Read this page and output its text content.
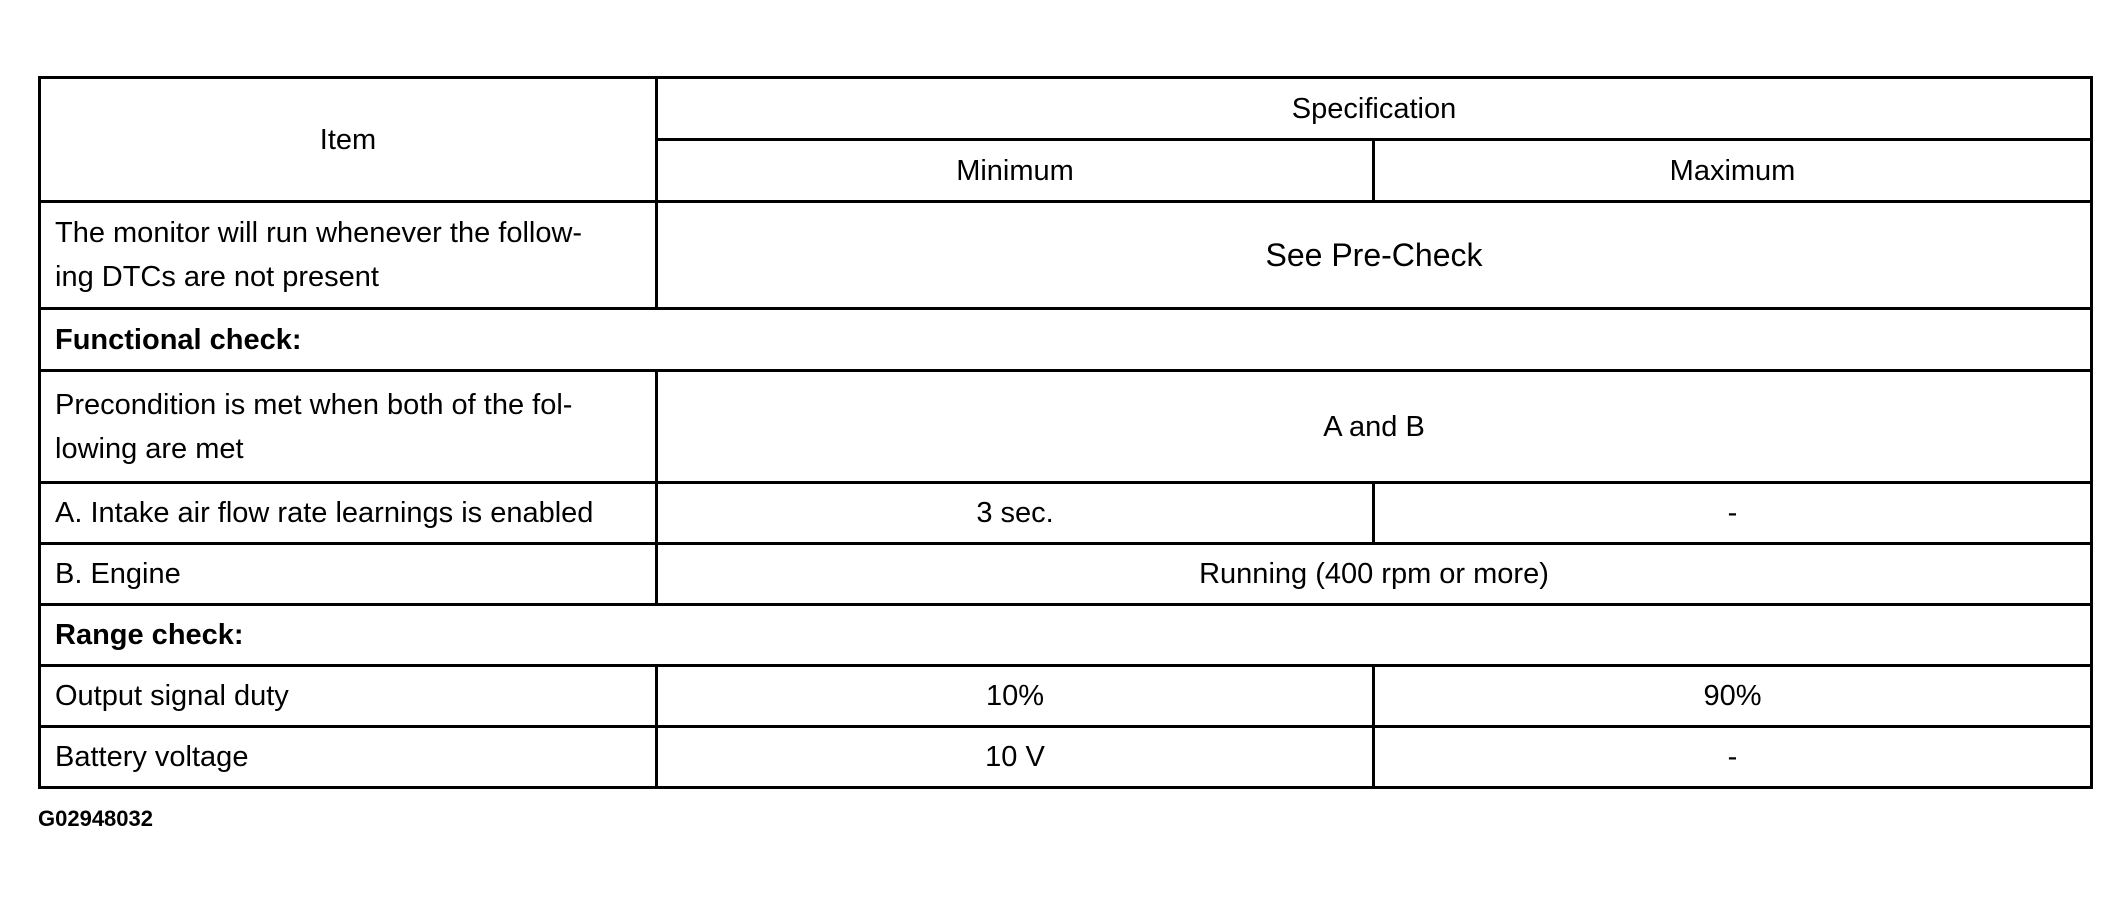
Item	Specification	
	Minimum	Maximum
The monitor will run whenever the follow-
ing DTCs are not present	See Pre-Check	
Functional check:		
Precondition is met when both of the fol-
lowing are met	A and B	
A. Intake air flow rate learnings is enabled	3 sec.	-
B. Engine	Running (400 rpm or more)	
Range check:		
Output signal duty	10%	90%
Battery voltage	10 V	-
G02948032
